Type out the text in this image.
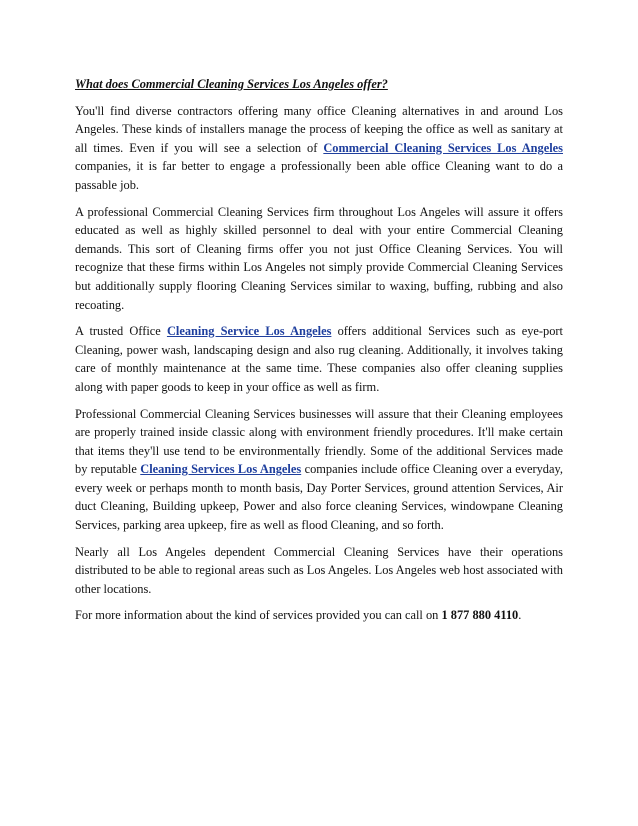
What does Commercial Cleaning Services Los Angeles offer?

You'll find diverse contractors offering many office Cleaning alternatives in and around Los Angeles. These kinds of installers manage the process of keeping the office as well as sanitary at all times. Even if you will see a selection of Commercial Cleaning Services Los Angeles companies, it is far better to engage a professionally been able office Cleaning want to do a passable job.

A professional Commercial Cleaning Services firm throughout Los Angeles will assure it offers educated as well as highly skilled personnel to deal with your entire Commercial Cleaning demands. This sort of Cleaning firms offer you not just Office Cleaning Services. You will recognize that these firms within Los Angeles not simply provide Commercial Cleaning Services but additionally supply flooring Cleaning Services similar to waxing, buffing, rubbing and also recoating.

A trusted Office Cleaning Service Los Angeles offers additional Services such as eye-port Cleaning, power wash, landscaping design and also rug cleaning. Additionally, it involves taking care of monthly maintenance at the same time. These companies also offer cleaning supplies along with paper goods to keep in your office as well as firm.

Professional Commercial Cleaning Services businesses will assure that their Cleaning employees are properly trained inside classic along with environment friendly procedures. It'll make certain that items they'll use tend to be environmentally friendly. Some of the additional Services made by reputable Cleaning Services Los Angeles companies include office Cleaning over a everyday, every week or perhaps month to month basis, Day Porter Services, ground attention Services, Air duct Cleaning, Building upkeep, Power and also force cleaning Services, windowpane Cleaning Services, parking area upkeep, fire as well as flood Cleaning, and so forth.

Nearly all Los Angeles dependent Commercial Cleaning Services have their operations distributed to be able to regional areas such as Los Angeles. Los Angeles web host associated with other locations.

For more information about the kind of services provided you can call on 1 877 880 4110.
